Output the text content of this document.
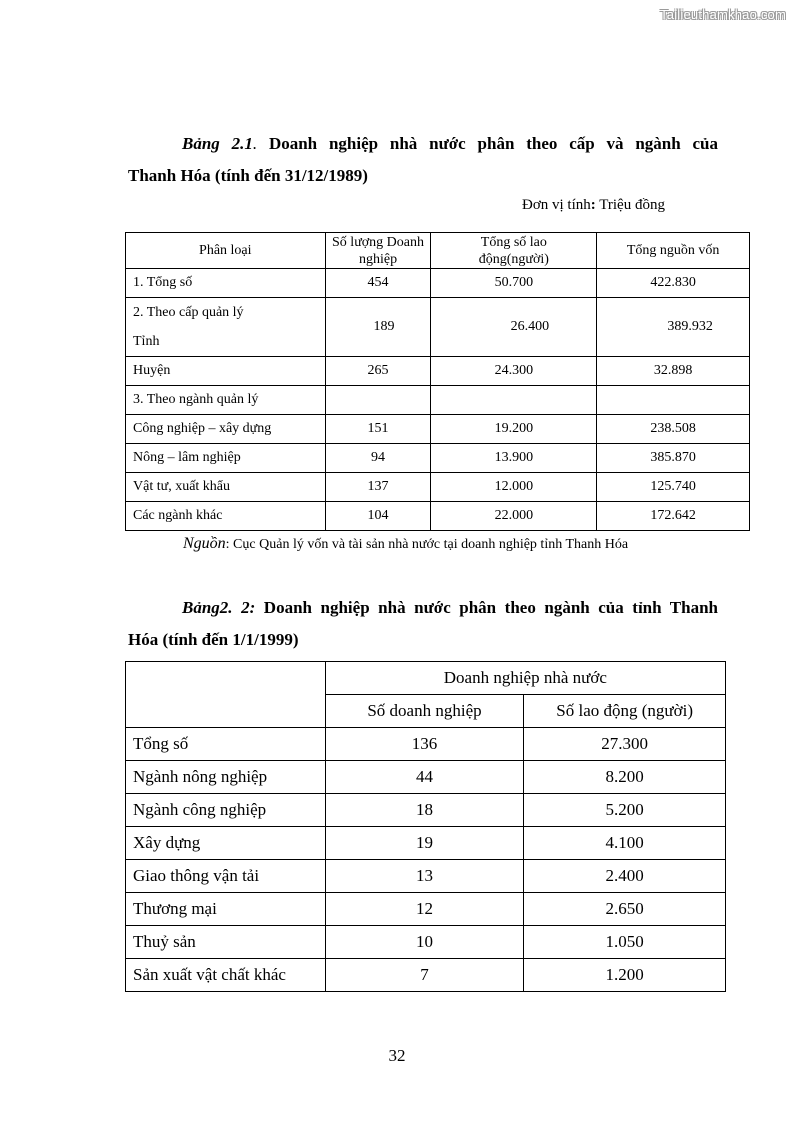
Tailieuthamkhao.com
Bảng 2.1. Doanh nghiệp nhà nước phân theo cấp và ngành của
Thanh Hóa (tính đến 31/12/1989)
Đơn vị tính: Triệu đồng
Phân loại	Số lượng Doanh nghiệp	Tổng số lao động(người)	Tổng nguồn vốn
1. Tổng số	454	50.700	422.830

2. Theo cấp quản lý
Tỉnh	189	26.400	389.932
Huyện	265	24.300	32.898
3. Theo ngành quản lý			
Công nghiệp – xây dựng	151	19.200	238.508
Nông – lâm nghiệp	94	13.900	385.870
Vật tư, xuất khẩu	137	12.000	125.740
Các ngành khác	104	22.000	172.642
Nguồn: Cục Quản lý vốn và tài sản nhà nước tại doanh nghiệp tỉnh Thanh Hóa
Bảng2. 2: Doanh nghiệp nhà nước phân theo ngành của tỉnh Thanh
Hóa (tính đến 1/1/1999)
	Doanh nghiệp nhà nước	
	Số doanh nghiệp	Số lao động (người)
Tổng số	136	27.300
Ngành nông nghiệp	44	8.200
Ngành công nghiệp	18	5.200
Xây dựng	19	4.100
Giao thông vận tải	13	2.400
Thương mại	12	2.650
Thuỷ sản	10	1.050
Sản xuất vật chất khác	7	1.200
32
